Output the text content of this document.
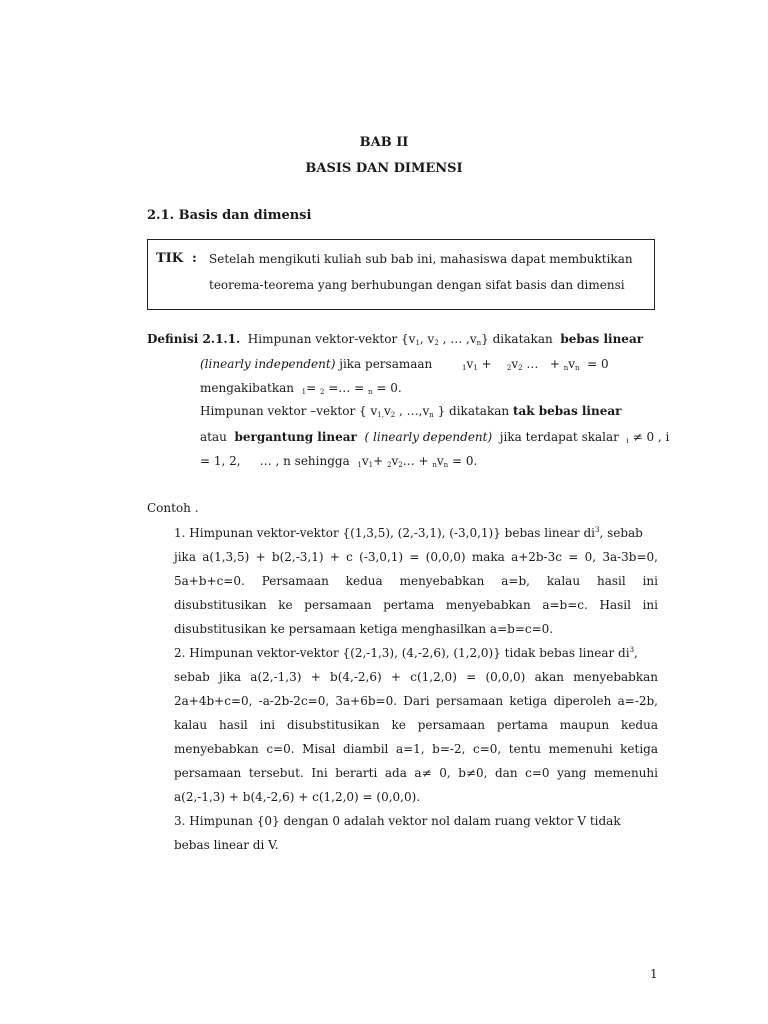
BAB II
BASIS DAN DIMENSI
2.1. Basis dan dimensi
TIK : Setelah mengikuti kuliah sub bab ini, mahasiswa dapat membuktikan
teorema-teorema yang berhubungan dengan sifat basis dan dimensi
Definisi 2.1.1. Himpunan vektor-vektor {$v_1$, $v_2$ , … $,v_n$} dikatakan bebas linear
(linearly independent) jika persamaan	$_1v_1$ +    $_2v_2$ …   + $_nv_n = 0$
mengakibatkan $_1$= $_2$ =… = $_n$ = 0.
Himpunan vektor –vektor { $v_{1,}v_2$ , $\dots,v_n$ } dikatakan tak bebas linear
atau bergantung linear ( linearly dependent) jika terdapat skalar $_i$ ≠ 0 , i
= 1, 2, … , n sehingga $_1v_1+$ $_2v_2\dots + _nv_n = 0$.
Contoh .
1. Himpunan vektor-vektor {(1,3,5), (2,-3,1), (-3,0,1)} bebas linear $di^3$, sebab
jika a(1,3,5) + b(2,-3,1) + c (-3,0,1) = (0,0,0) maka a+2b-3c = 0, 3a-3b=0,
5a+b+c=0. Persamaan kedua menyebabkan a=b, kalau hasil ini
disubstitusikan ke persamaan pertama menyebabkan a=b=c. Hasil ini
disubstitusikan ke persamaan ketiga menghasilkan a=b=c=0.
2. Himpunan vektor-vektor {(2,-1,3), (4,-2,6), (1,2,0)} tidak bebas linear $di^3$,
sebab jika a(2,-1,3) + b(4,-2,6) + c(1,2,0) = (0,0,0) akan menyebabkan
2a+4b+c=0, -a-2b-2c=0, 3a+6b=0. Dari persamaan ketiga diperoleh a=-2b,
kalau hasil ini disubstitusikan ke persamaan pertama maupun kedua
menyebabkan c=0. Misal diambil a=1, b=-2, c=0, tentu memenuhi ketiga
persamaan tersebut. Ini berarti ada a≠ 0, b≠0, dan c=0 yang memenuhi
a(2,-1,3) + b(4,-2,6) + c(1,2,0) = (0,0,0).
3. Himpunan {0} dengan 0 adalah vektor nol dalam ruang vektor V tidak
bebas linear di V.
1
